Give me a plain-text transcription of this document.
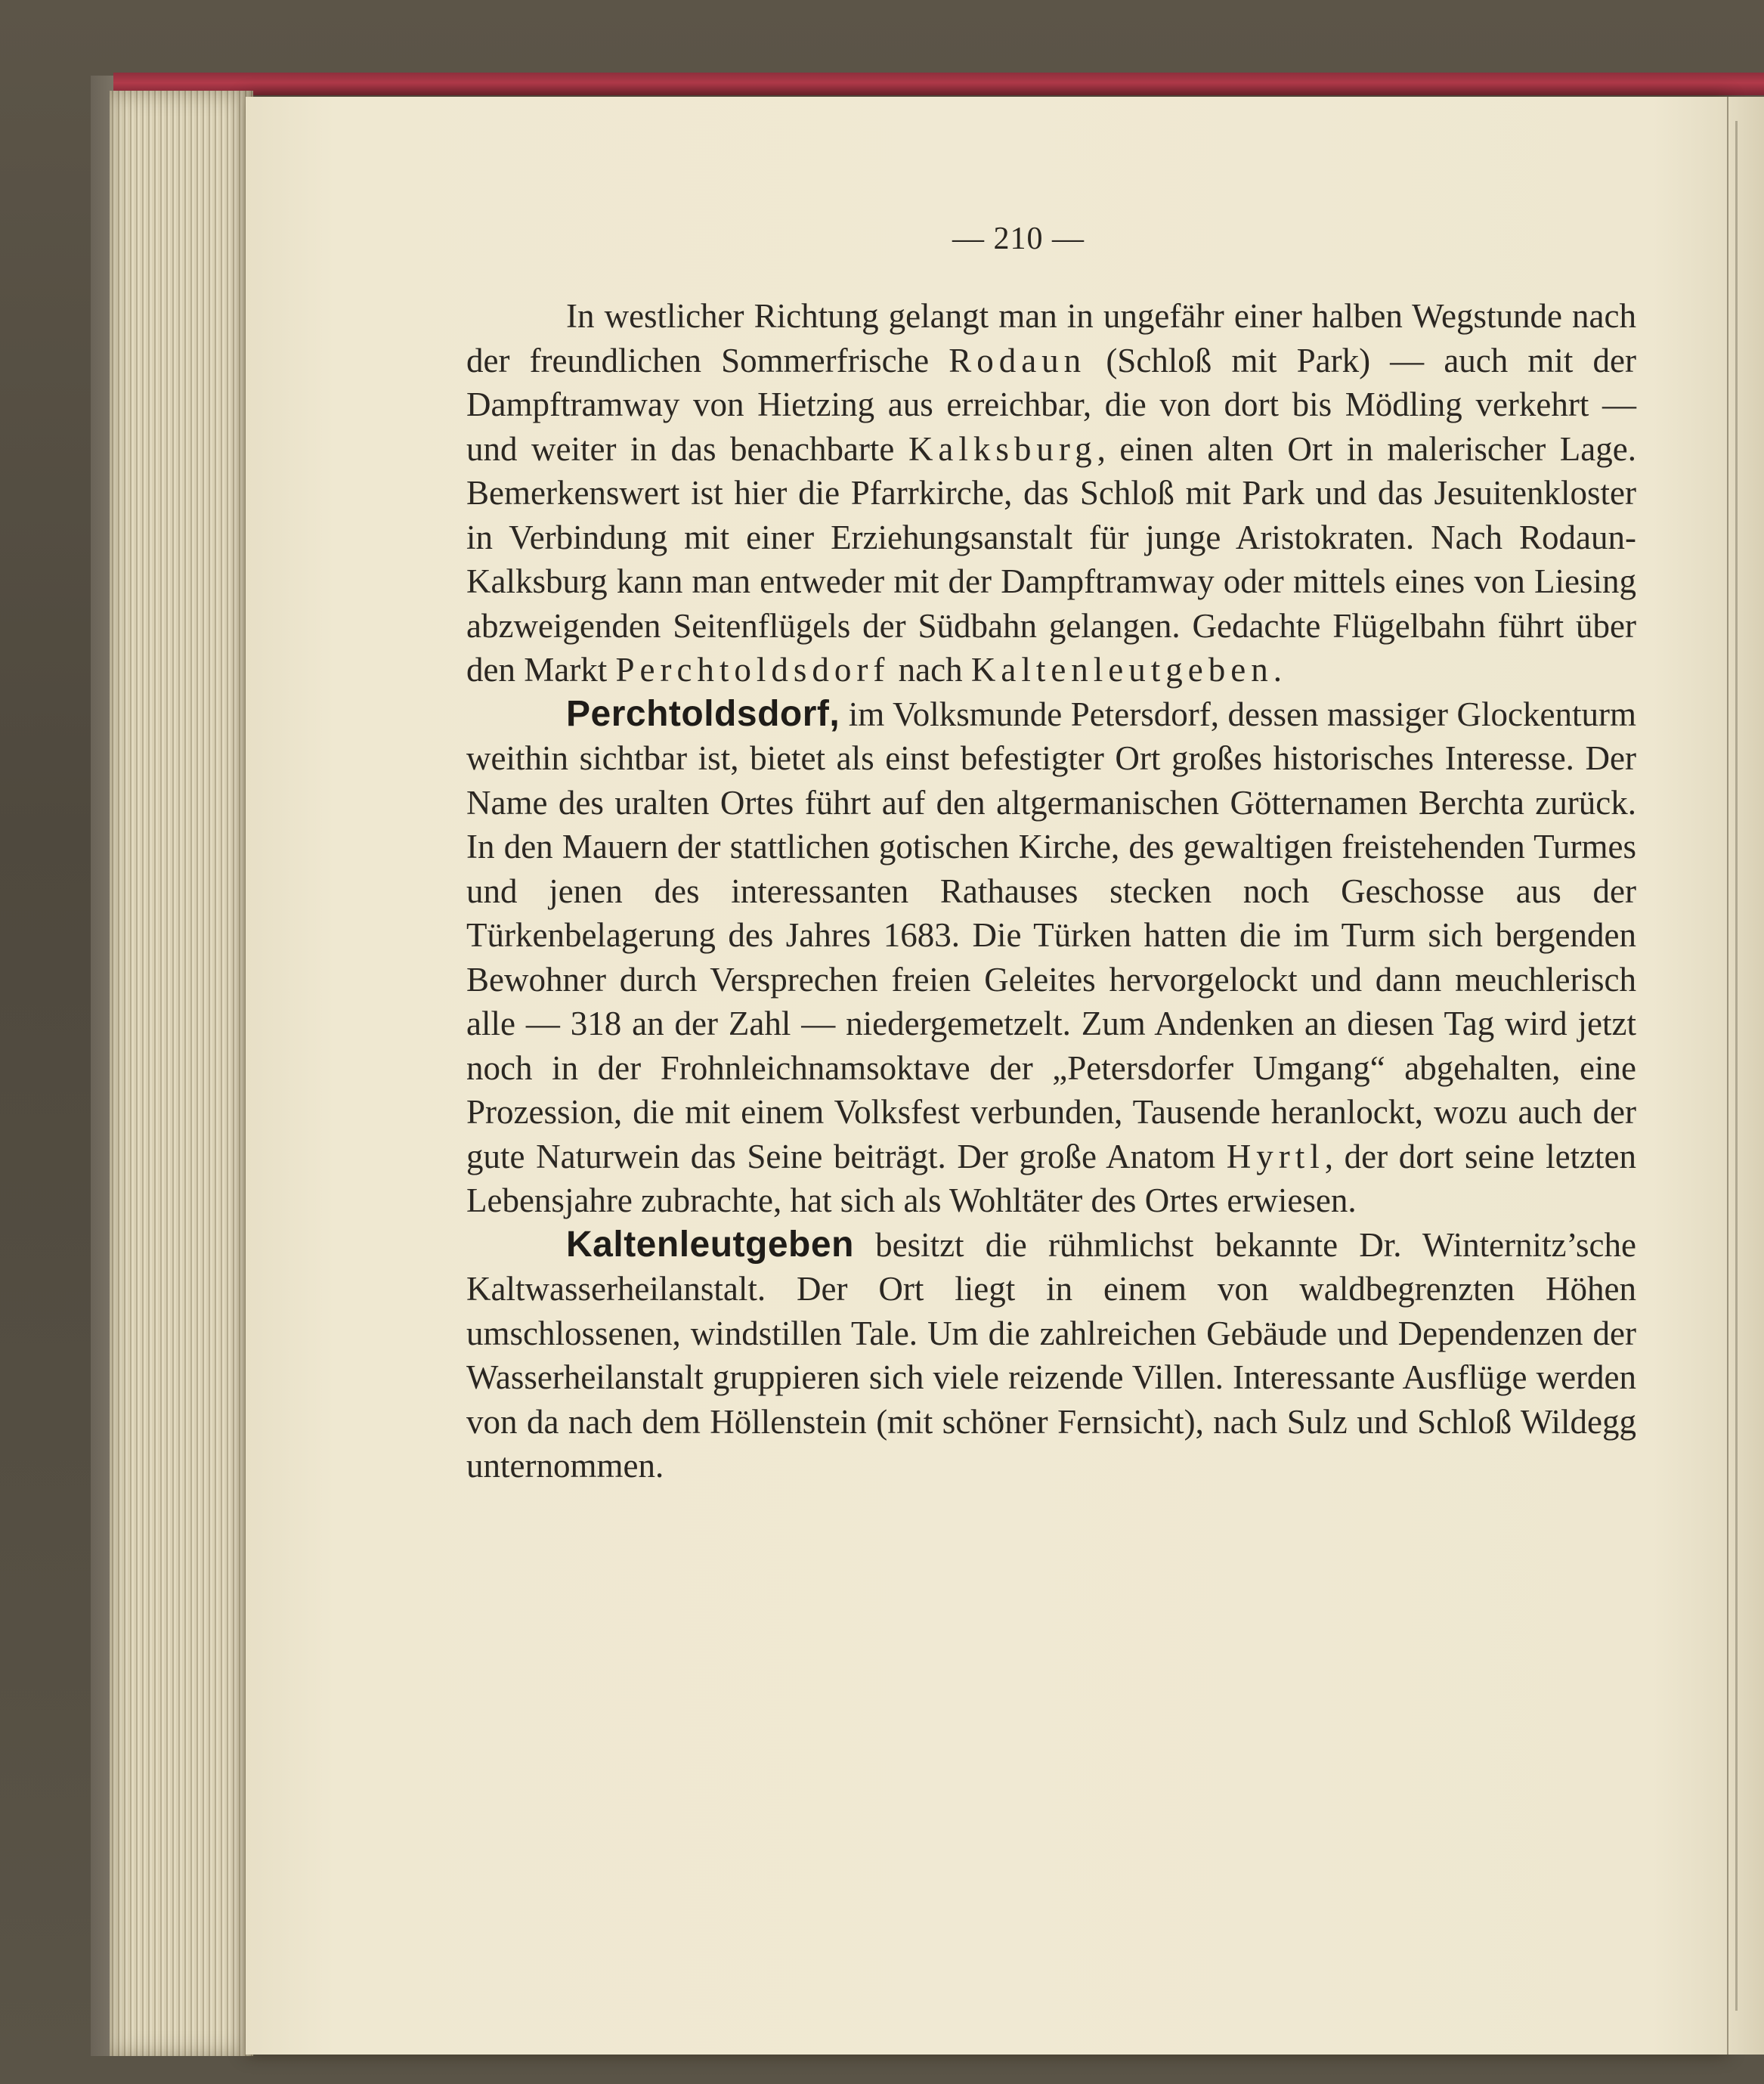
— 210 —

In westlicher Richtung gelangt man in ungefähr einer halben Wegstunde nach der freundlichen Sommerfrische Rodaun (Schloß mit Park) — auch mit der Dampftramway von Hietzing aus erreichbar, die von dort bis Mödling verkehrt — und weiter in das benachbarte Kalksburg, einen alten Ort in malerischer Lage. Bemerkenswert ist hier die Pfarrkirche, das Schloß mit Park und das Jesuitenkloster in Verbindung mit einer Erziehungsanstalt für junge Aristokraten. Nach Rodaun-Kalksburg kann man entweder mit der Dampftramway oder mittels eines von Liesing abzweigenden Seitenflügels der Südbahn gelangen. Gedachte Flügelbahn führt über den Markt Perchtoldsdorf nach Kaltenleutgeben.

Perchtoldsdorf, im Volksmunde Petersdorf, dessen massiger Glockenturm weithin sichtbar ist, bietet als einst befestigter Ort großes historisches Interesse. Der Name des uralten Ortes führt auf den altgermanischen Götternamen Berchta zurück. In den Mauern der stattlichen gotischen Kirche, des gewaltigen freistehenden Turmes und jenen des interessanten Rathauses stecken noch Geschosse aus der Türkenbelagerung des Jahres 1683. Die Türken hatten die im Turm sich bergenden Bewohner durch Versprechen freien Geleites hervorgelockt und dann meuchlerisch alle — 318 an der Zahl — niedergemetzelt. Zum Andenken an diesen Tag wird jetzt noch in der Frohnleichnamsoktave der „Petersdorfer Umgang“ abgehalten, eine Prozession, die mit einem Volksfest verbunden, Tausende heranlockt, wozu auch der gute Naturwein das Seine beiträgt. Der große Anatom Hyrtl, der dort seine letzten Lebensjahre zubrachte, hat sich als Wohltäter des Ortes erwiesen.

Kaltenleutgeben besitzt die rühmlichst bekannte Dr. Winternitz’sche Kaltwasserheilanstalt. Der Ort liegt in einem von waldbegrenzten Höhen umschlossenen, windstillen Tale. Um die zahlreichen Gebäude und Dependenzen der Wasserheilanstalt gruppieren sich viele reizende Villen. Interessante Ausflüge werden von da nach dem Höllenstein (mit schöner Fernsicht), nach Sulz und Schloß Wildegg unternommen.
